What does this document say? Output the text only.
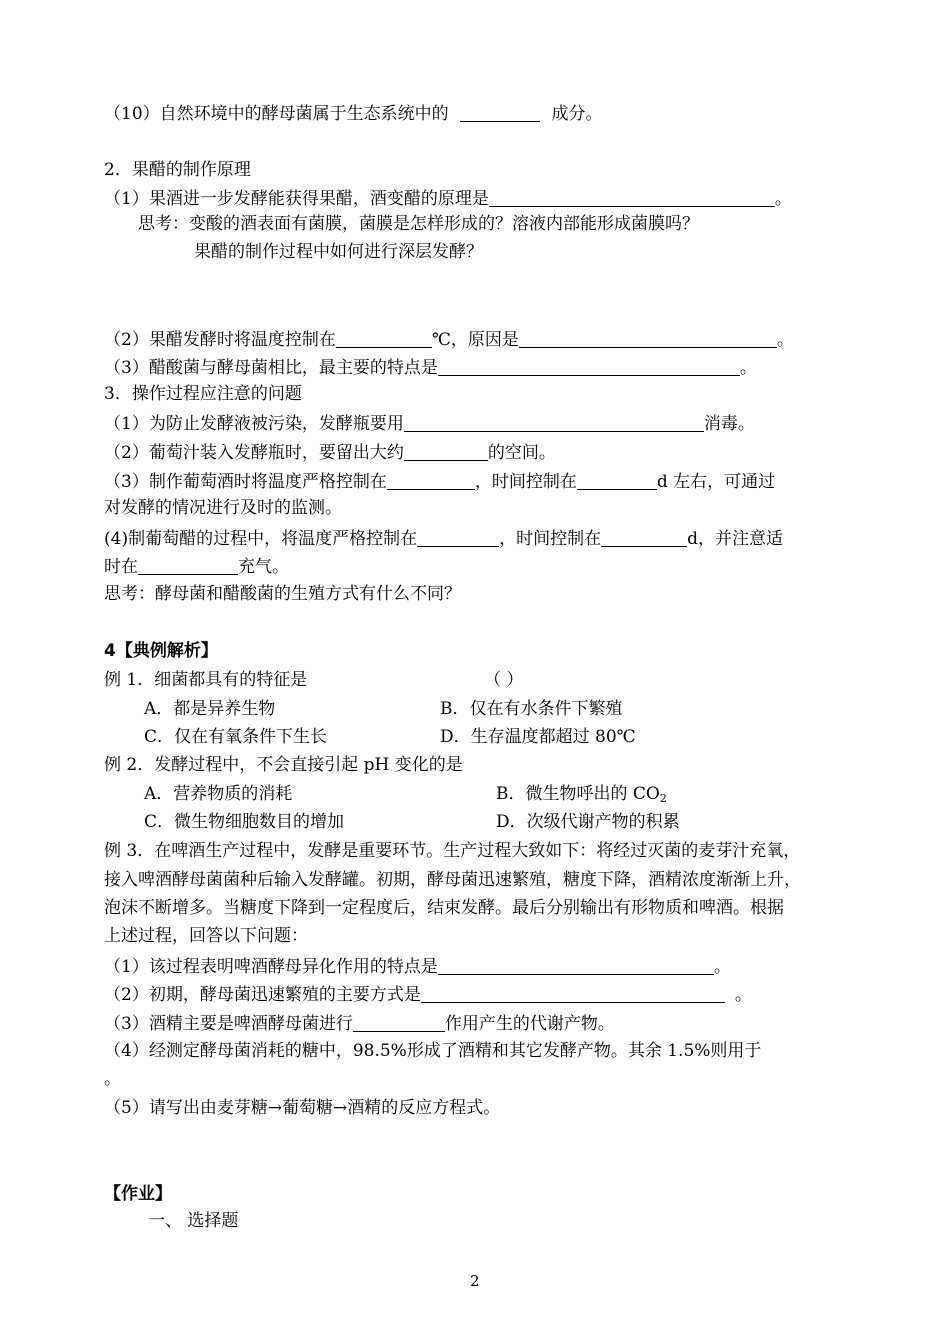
（10）自然环境中的酵母菌属于生态系统中的	成分。
2．果醋的制作原理
（1）果酒进一步发酵能获得果醋，酒变醋的原理是	。
思考：变酸的酒表面有菌膜，菌膜是怎样形成的？溶液内部能形成菌膜吗？
果醋的制作过程中如何进行深层发酵？
（2）果醋发酵时将温度控制在	℃，原因是	。
（3）醋酸菌与酵母菌相比，最主要的特点是	。
3．操作过程应注意的问题
（1）为防止发酵液被污染，发酵瓶要用	消毒。
（2）葡萄汁装入发酵瓶时，要留出大约	的空间。
（3）制作葡萄酒时将温度严格控制在	，时间控制在	d 左右，可通过
对发酵的情况进行及时的监测。
(4)制葡萄醋的过程中，将温度严格控制在	，时间控制在	d，并注意适
时在	充气。
思考：酵母菌和醋酸菌的生殖方式有什么不同？
4【典例解析】
例 1．细菌都具有的特征是	（ ）
A．都是异养生物	B．仅在有水条件下繁殖
C．仅在有氧条件下生长	D．生存温度都超过 80℃
例 2．发酵过程中，不会直接引起 pH 变化的是
A．营养物质的消耗	B．微生物呼出的 $CO_2$
C．微生物细胞数目的增加	D．次级代谢产物的积累
例 3．在啤酒生产过程中，发酵是重要环节。生产过程大致如下：将经过灭菌的麦芽汁充氧，
接入啤酒酵母菌菌种后输入发酵罐。初期，酵母菌迅速繁殖，糖度下降，酒精浓度渐渐上升，
泡沫不断增多。当糖度下降到一定程度后，结束发酵。最后分别输出有形物质和啤酒。根据
上述过程，回答以下问题：
（1）该过程表明啤酒酵母异化作用的特点是	。
（2）初期，酵母菌迅速繁殖的主要方式是	。
（3）酒精主要是啤酒酵母菌进行	作用产生的代谢产物。
（4）经测定酵母菌消耗的糖中，98.5%形成了酒精和其它发酵产物。其余 1.5%则用于
。
（5）请写出由麦芽糖→葡萄糖→酒精的反应方程式。
【作业】
一、 选择题
2
